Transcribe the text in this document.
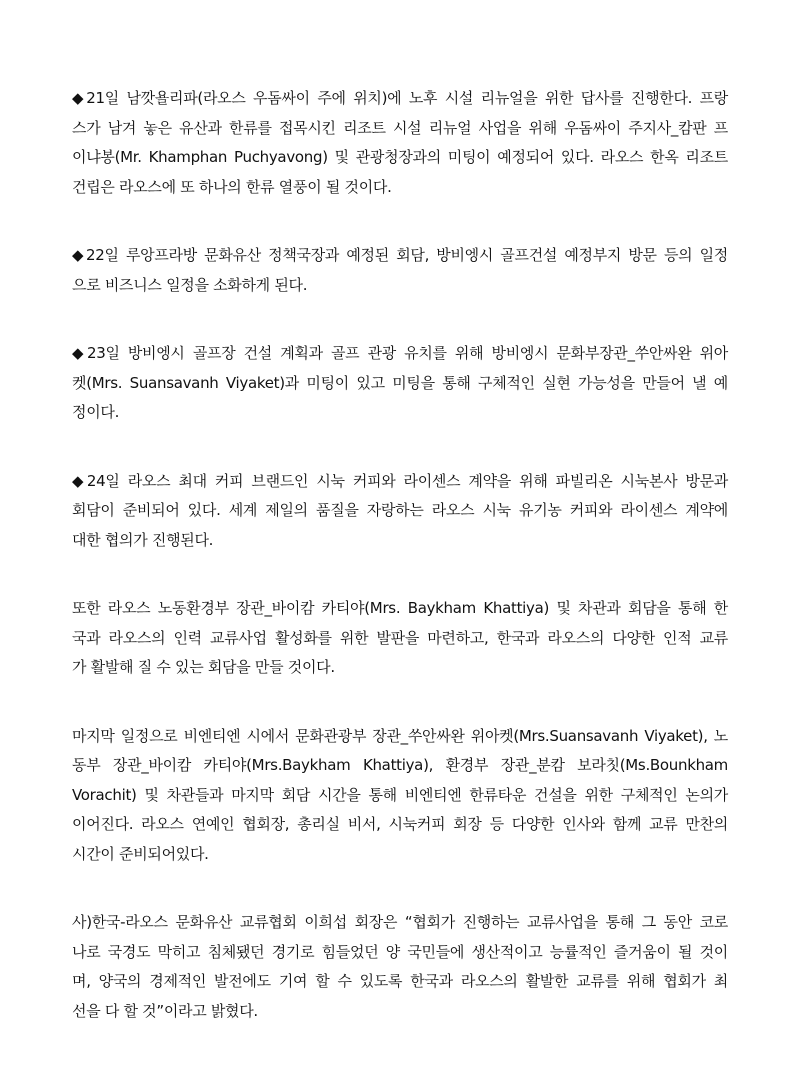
◆21일 남깟욜리파(라오스 우돔싸이 주에 위치)에 노후 시설 리뉴얼을 위한 답사를 진행한다. 프랑
스가 남겨 놓은 유산과 한류를 접목시킨 리조트 시설 리뉴얼 사업을 위해 우돔싸이 주지사_캄판 프
이냐봉(Mr. Khamphan Puchyavong) 및 관광청장과의 미팅이 예정되어 있다. 라오스 한옥 리조트
건립은 라오스에 또 하나의 한류 열풍이 될 것이다.

◆22일 루앙프라방 문화유산 정책국장과 예정된 회담, 방비엥시 골프건설 예정부지 방문 등의 일정
으로 비즈니스 일정을 소화하게 된다.

◆23일 방비엥시 골프장 건설 계획과 골프 관광 유치를 위해 방비엥시 문화부장관_쑤안싸완 위아
켓(Mrs. Suansavanh Viyaket)과 미팅이 있고 미팅을 통해 구체적인 실현 가능성을 만들어 낼 예
정이다.

◆24일 라오스 최대 커피 브랜드인 시눅 커피와 라이센스 계약을 위해 파빌리온 시눅본사 방문과
회담이 준비되어 있다. 세계 제일의 품질을 자랑하는 라오스 시눅 유기농 커피와 라이센스 계약에
대한 협의가 진행된다.

또한 라오스 노동환경부 장관_바이캄 카티야(Mrs. Baykham Khattiya) 및 차관과 회담을 통해 한
국과 라오스의 인력 교류사업 활성화를 위한 발판을 마련하고, 한국과 라오스의 다양한 인적 교류
가 활발해 질 수 있는 회담을 만들 것이다.

마지막 일정으로 비엔티엔 시에서 문화관광부 장관_쑤안싸완 위아켓(Mrs.Suansavanh Viyaket), 노
동부 장관_바이캄 카티야(Mrs.Baykham Khattiya), 환경부 장관_분캄 보라칫(Ms.Bounkham
Vorachit) 및 차관들과 마지막 회담 시간을 통해 비엔티엔 한류타운 건설을 위한 구체적인 논의가
이어진다. 라오스 연예인 협회장, 총리실 비서, 시눅커피 회장 등 다양한 인사와 함께 교류 만찬의
시간이 준비되어있다.

사)한국-라오스 문화유산 교류협회 이희섭 회장은 “협회가 진행하는 교류사업을 통해 그 동안 코로
나로 국경도 막히고 침체됐던 경기로 힘들었던 양 국민들에 생산적이고 능률적인 즐거움이 될 것이
며, 양국의 경제적인 발전에도 기여 할 수 있도록 한국과 라오스의 활발한 교류를 위해 협회가 최
선을 다 할 것”이라고 밝혔다.
